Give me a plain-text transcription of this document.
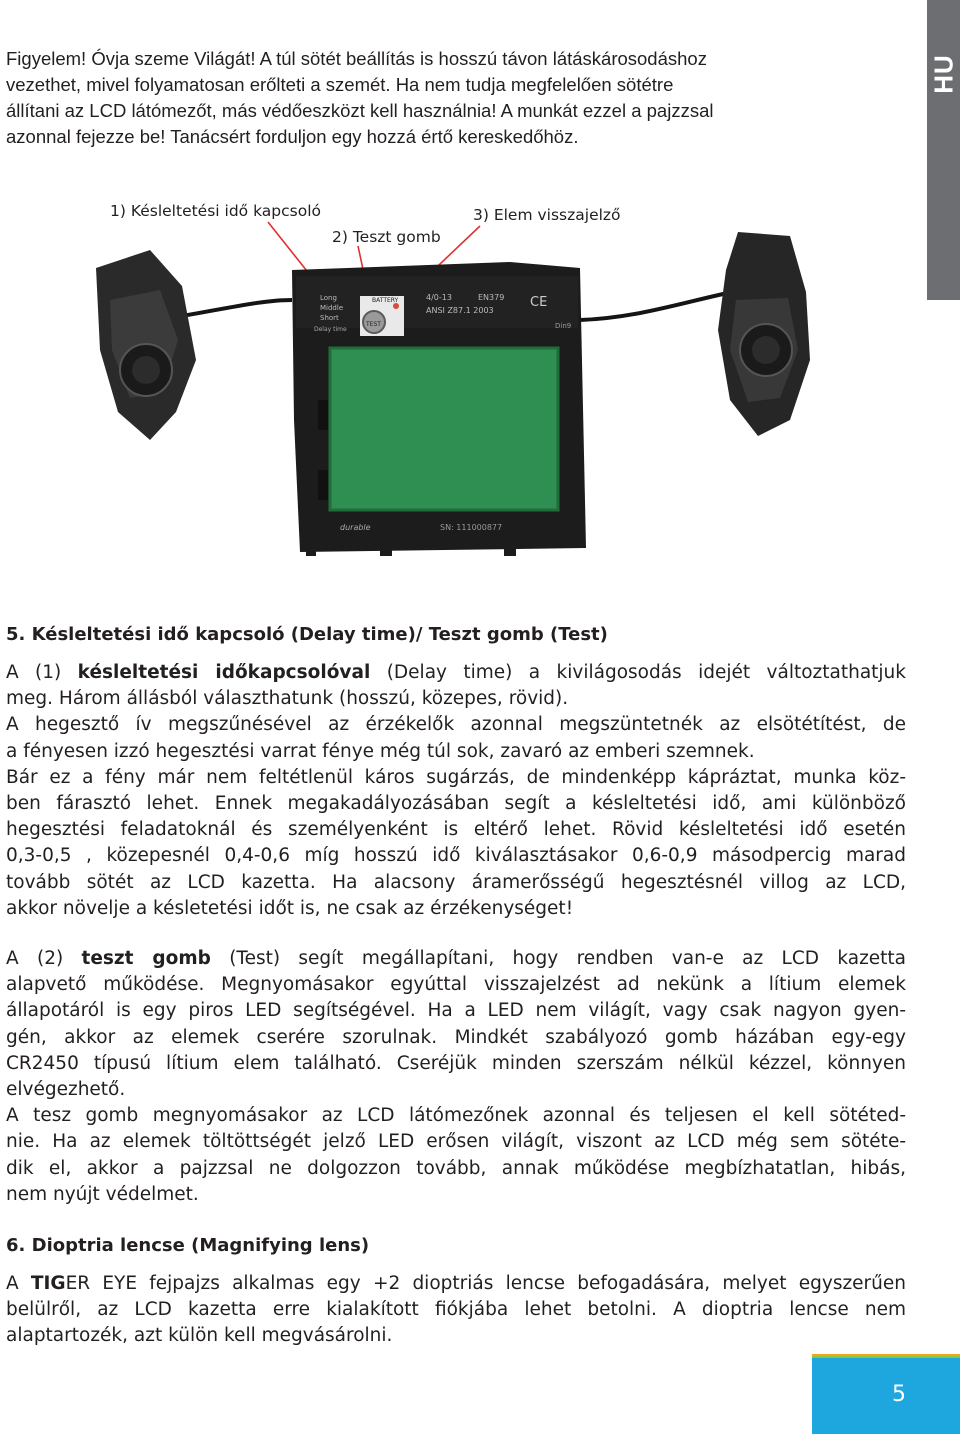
HU

Figyelem! Óvja szeme Világát! A túl sötét beállítás is hosszú távon látáskárosodáshoz

vezethet, mivel folyamatosan erőlteti a szemét. Ha nem tudja megfelelően sötétre

állítani az LCD látómezőt, más védőeszközt kell használnia! A munkát ezzel a pajzzsal

azonnal fejezze be! Tanácsért forduljon egy hozzá értő kereskedőhöz.

1) Késleltetési idő kapcsoló
2) Teszt gomb
3) Elem visszajelző
Long
Middle
Short
Delay time
BATTERY
TEST
4/0-13	EN379
ANSI Z87.1 2003
CE
Din9
SN: 111000877
durable
5. Késleltetési idő kapcsoló (Delay time)/ Teszt gomb (Test)
A (1) késleltetési időkapcsolóval (Delay time) a kivilágosodás idejét változtathatjuk
meg. Három állásból választhatunk (hosszú, közepes, rövid).
A hegesztő ív megszűnésével az érzékelők azonnal megszüntetnék az elsötétítést, de
a fényesen izzó hegesztési varrat fénye még túl sok, zavaró az emberi szemnek.
Bár ez a fény már nem feltétlenül káros sugárzás, de mindenképp kápráztat, munka köz-
ben fárasztó lehet. Ennek megakadályozásában segít a késleltetési idő, ami különböző
hegesztési feladatoknál és személyenként is eltérő lehet. Rövid késleltetési idő esetén
0,3-0,5 , közepesnél 0,4-0,6 míg hosszú idő kiválasztásakor 0,6-0,9 másodpercig marad
tovább sötét az LCD kazetta. Ha alacsony áramerősségű hegesztésnél villog az LCD,
akkor növelje a késletetési időt is, ne csak az érzékenységet!
A (2) teszt gomb (Test) segít megállapítani, hogy rendben van-e az LCD kazetta
alapvető működése. Megnyomásakor egyúttal visszajelzést ad nekünk a lítium elemek
állapotáról is egy piros LED segítségével. Ha a LED nem világít, vagy csak nagyon gyen-
gén, akkor az elemek cserére szorulnak. Mindkét szabályozó gomb házában egy-egy
CR2450 típusú lítium elem található. Cseréjük minden szerszám nélkül kézzel, könnyen
elvégezhető.
A tesz gomb megnyomásakor az LCD látómezőnek azonnal és teljesen el kell sötéted-
nie. Ha az elemek töltöttségét jelző LED erősen világít, viszont az LCD még sem sötéte-
dik el, akkor a pajzzsal ne dolgozzon tovább, annak működése megbízhatatlan, hibás,
nem nyújt védelmet.
6. Dioptria lencse (Magnifying lens)
A TIGER EYE fejpajzs alkalmas egy +2 dioptriás lencse befogadására, melyet egyszerűen
belülről, az LCD kazetta erre kialakított fiókjába lehet betolni. A dioptria lencse nem
alaptartozék, azt külön kell megvásárolni.
5
